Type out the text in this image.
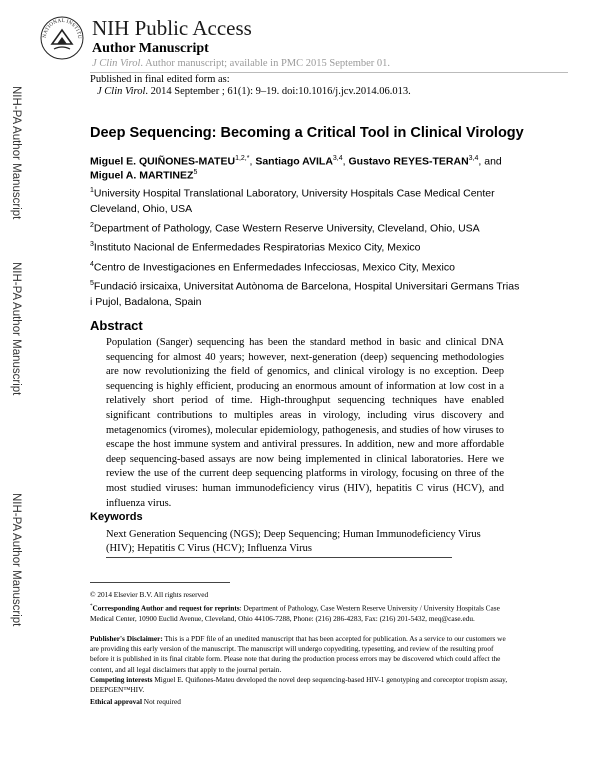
NATIONAL INSTITU NIH Public Access
Author Manuscript
J Clin Virol. Author manuscript; available in PMC 2015 September 01.
NIH-PA Author Manuscript
NIH-PA Author Manuscript
NIH-PA Author Manuscript
Published in final edited form as:
J Clin Virol. 2014 September ; 61(1): 9–19. doi:10.1016/j.jcv.2014.06.013.
Deep Sequencing: Becoming a Critical Tool in Clinical Virology
Miguel E. QUIÑONES-$MATEU^{1,2,*}$, Santiago AVILA$^{3,4}$, Gustavo REYES-TERAN$^{3,4}$, and
Miguel A. MARTINEZ$^5$
$^1$University Hospital Translational Laboratory, University Hospitals Case Medical Center Cleveland, Ohio, USA
$^2$Department of Pathology, Case Western Reserve University, Cleveland, Ohio, USA
$^3$Instituto Nacional de Enfermedades Respiratorias Mexico City, Mexico
$^4$Centro de Investigaciones en Enfermedades Infecciosas, Mexico City, Mexico
$^5$Fundació irsicaixa, Universitat Autònoma de Barcelona, Hospital Universitari Germans Trias i Pujol, Badalona, Spain
Abstract
Population (Sanger) sequencing has been the standard method in basic and clinical DNA sequencing for almost 40 years; however, next-generation (deep) sequencing methodologies are now revolutionizing the field of genomics, and clinical virology is no exception. Deep sequencing is highly efficient, producing an enormous amount of information at low cost in a relatively short period of time. High-throughput sequencing techniques have enabled significant contributions to multiples areas in virology, including virus discovery and metagenomics (viromes), molecular epidemiology, pathogenesis, and studies of how viruses to escape the host immune system and antiviral pressures. In addition, new and more affordable deep sequencing-based assays are now being implemented in clinical laboratories. Here we review the use of the current deep sequencing platforms in virology, focusing on three of the most studied viruses: human immunodeficiency virus (HIV), hepatitis C virus (HCV), and influenza virus.
Keywords
Next Generation Sequencing (NGS); Deep Sequencing; Human Immunodeficiency Virus (HIV); Hepatitis C Virus (HCV); Influenza Virus
© 2014 Elsevier B.V. All rights reserved
*Corresponding Author and request for reprints: Department of Pathology, Case Western Reserve University / University Hospitals Case Medical Center, 10900 Euclid Avenue, Cleveland, Ohio 44106-7288, Phone: (216) 286-4283, Fax: (216) 201-5432, meq@case.edu.
Publisher's Disclaimer: This is a PDF file of an unedited manuscript that has been accepted for publication. As a service to our customers we are providing this early version of the manuscript. The manuscript will undergo copyediting, typesetting, and review of the resulting proof before it is published in its final citable form. Please note that during the production process errors may be discovered which could affect the content, and all legal disclaimers that apply to the journal pertain.
Competing interests Miguel E. Quiñones-Mateu developed the novel deep sequencing-based HIV-1 genotyping and coreceptor tropism assay, DEEPGEN™HIV.
Ethical approval Not required
